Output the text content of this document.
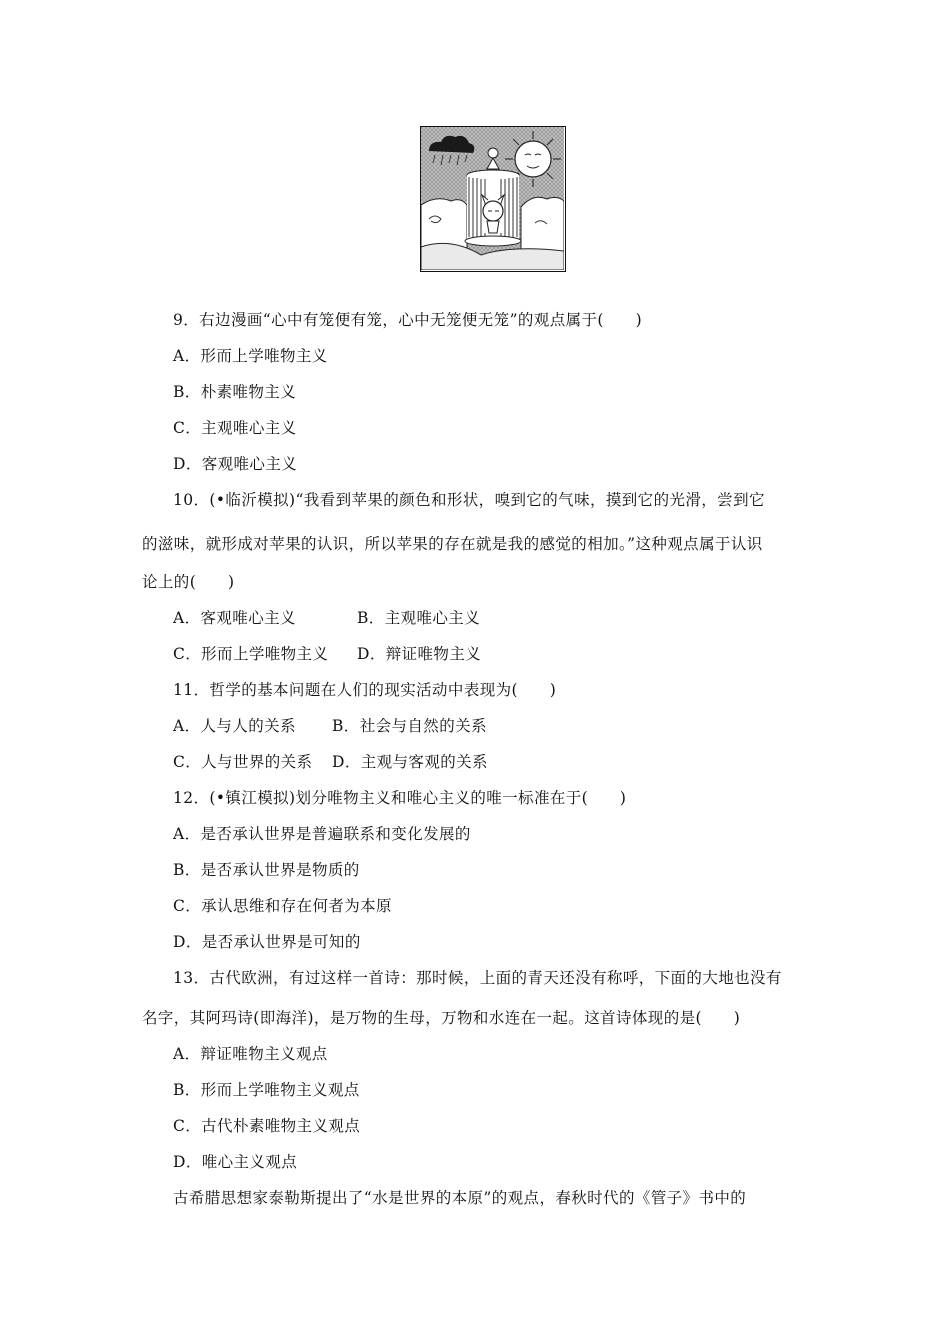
9．右边漫画“心中有笼便有笼，心中无笼便无笼”的观点属于(　　)
A．形而上学唯物主义
B．朴素唯物主义
C．主观唯心主义
D．客观唯心主义
10．(•临沂模拟)“我看到苹果的颜色和形状，嗅到它的气味，摸到它的光滑，尝到它
的滋味，就形成对苹果的认识，所以苹果的存在就是我的感觉的相加。”这种观点属于认识
论上的(　　)
A．客观唯心主义	B．主观唯心主义
C．形而上学唯物主义 D．辩证唯物主义
11．哲学的基本问题在人们的现实活动中表现为(　　)
A．人与人的关系 B．社会与自然的关系
C．人与世界的关系 D．主观与客观的关系
12．(•镇江模拟)划分唯物主义和唯心主义的唯一标准在于(　　)
A．是否承认世界是普遍联系和变化发展的
B．是否承认世界是物质的
C．承认思维和存在何者为本原
D．是否承认世界是可知的
13．古代欧洲，有过这样一首诗：那时候，上面的青天还没有称呼，下面的大地也没有
名字，其阿玛诗(即海洋)，是万物的生母，万物和水连在一起。这首诗体现的是(　　)
A．辩证唯物主义观点
B．形而上学唯物主义观点
C．古代朴素唯物主义观点
D．唯心主义观点
古希腊思想家泰勒斯提出了“水是世界的本原”的观点，春秋时代的《管子》书中的
